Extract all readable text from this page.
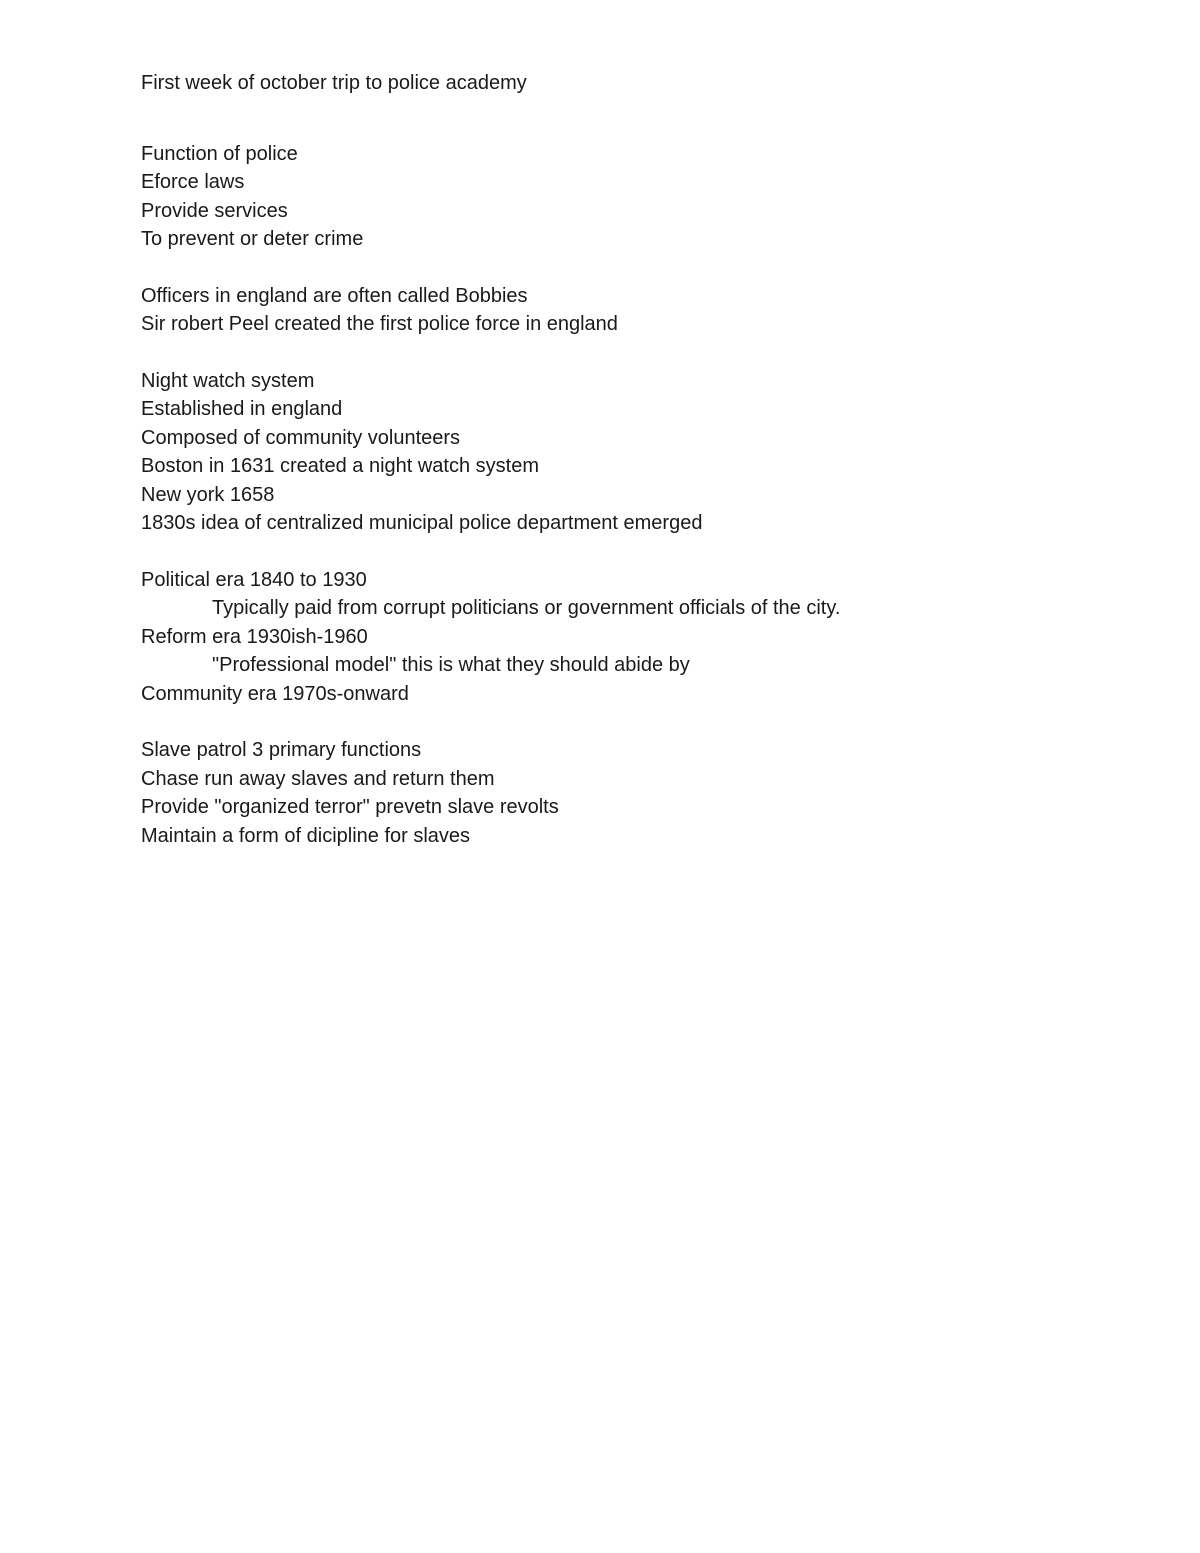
First week of october trip to police academy
Function of police
Eforce laws
Provide services
To prevent or deter crime
Officers in england are often called Bobbies
Sir robert Peel created the first police force in england
Night watch system
Established in england
Composed of community volunteers
Boston in 1631 created a night watch system
New york 1658
1830s idea of centralized municipal police department emerged
Political era 1840 to 1930
Typically paid from corrupt politicians or government officials of the city.
Reform era 1930ish-1960
"Professional model" this is what they should abide by
Community era 1970s-onward
Slave patrol 3 primary functions
Chase run away slaves and return them
Provide "organized terror" prevetn slave revolts
Maintain a form of dicipline for slaves
